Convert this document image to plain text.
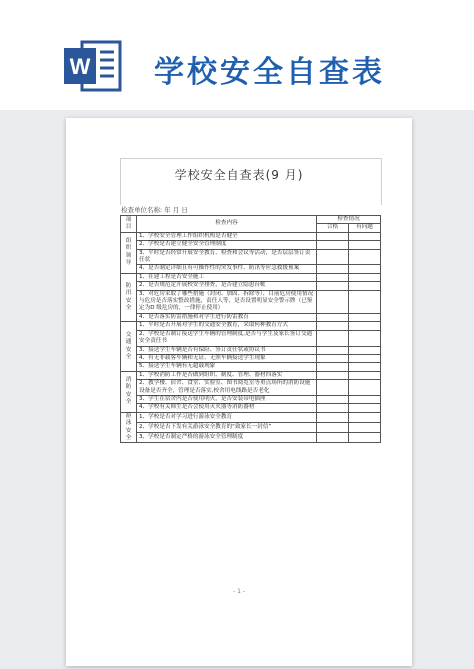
W 学校安全自查表
学校安全自查表(9 月)
检查单位名称: 年 月 日
项目	检查内容	检查情况	
		合格	有问题
组织领导	1、学校安全管理工作组织机构是否健全		
	2、学校是否建立健全安全管理制度		
	3、平时是否经常开展安全教育、检查和会议等活动，是否层层签订责任状		
	4、是否制定详细且有可操作性的突发事件、防汛等应急救援预案		
防汛安全	1、在建工程是否安全施工		
	2、是否规范定开展校安全排查，是否建立隐患台帐		
	3、对危房采取了哪些措施（封闭、加固、拆除等），目前危房使用情况与危房是否落实整改措施，责任人等，是否设置明显安全警示牌（已鉴定为D 级危房的，一律停止使用）		
	4、是否落实防雷措施和对学生进行防雷教育		
交通安全	1、平时是否开展对学生的交通安全教育，采取何种教育方式		
	2、学校是否制订接送学生车辆的管理制度,是否与学生及家长签订交通安全责任书		
	3、接送学生车辆是否有保险、签订责任状或协议书		
	4、有无非载客车辆和无证、无照车辆接送学生现象		
	5、接送学生车辆有无超载现象		
消防安全	1、学校消防工作是否做到组织、制度、管理、器材四落实		
	2、教学楼、宿舍、食堂、实验室、图书阅览室等重点场所的消防设施设备是否齐全，管理是否落实,校舍用电线路是否老化		
	3、学生在宿舍内是否使用明火，是否安装带电插座		
	4、学校有关师生是否会使用灭火器等消防器材		
游泳安全	1、学校是否对学习进行游泳安全教育		
	2、学校是否下发有关游泳安全教育的“致家长一封信”		
	3、学校是否制定严格的游泳安全管理制度		
- 1 -
